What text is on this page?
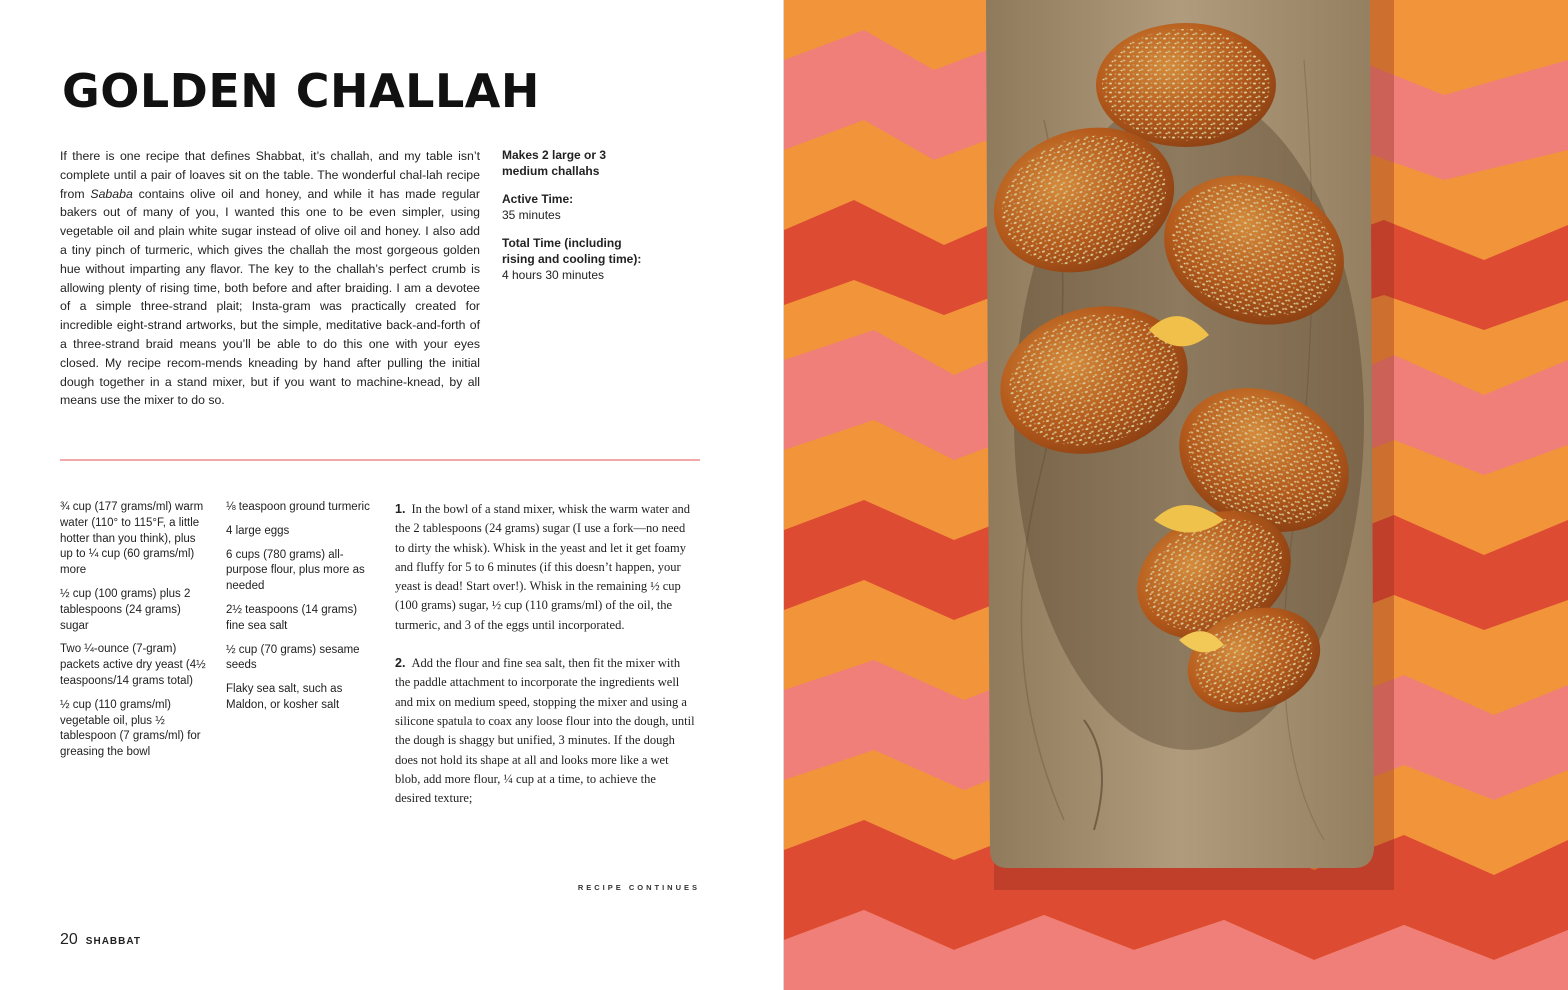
GOLDEN CHALLAH

If there is one recipe that defines Shabbat, it’s challah, and my table isn’t complete until a pair of loaves sit on the table. The wonderful chal-lah recipe from Sababa contains olive oil and honey, and while it has made regular bakers out of many of you, I wanted this one to be even simpler, using vegetable oil and plain white sugar instead of olive oil and honey. I also add a tiny pinch of turmeric, which gives the challah the most gorgeous golden hue without imparting any flavor. The key to the challah’s perfect crumb is allowing plenty of rising time, both before and after braiding. I am a devotee of a simple three-strand plait; Insta-gram was practically created for incredible eight-strand artworks, but the simple, meditative back-and-forth of a three-strand braid means you’ll be able to do this one with your eyes closed. My recipe recom-mends kneading by hand after pulling the initial dough together in a stand mixer, but if you want to machine-knead, by all means use the mixer to do so.

Makes 2 large or 3 medium challahs
Active Time:
35 minutes
Total Time (including rising and cooling time):
4 hours 30 minutes
¾ cup (177 grams/ml) warm water (110° to 115°F, a little hotter than you think), plus up to ¼ cup (60 grams/ml) more
½ cup (100 grams) plus 2 tablespoons (24 grams) sugar
Two ¼-ounce (7-gram) packets active dry yeast (4½ teaspoons/14 grams total)
½ cup (110 grams/ml) vegetable oil, plus ½ tablespoon (7 grams/ml) for greasing the bowl
⅛ teaspoon ground turmeric
4 large eggs
6 cups (780 grams) all-purpose flour, plus more as needed
2½ teaspoons (14 grams) fine sea salt
½ cup (70 grams) sesame seeds
Flaky sea salt, such as Maldon, or kosher salt

1. In the bowl of a stand mixer, whisk the warm water and the 2 tablespoons (24 grams) sugar (I use a fork—no need to dirty the whisk). Whisk in the yeast and let it get foamy and fluffy for 5 to 6 minutes (if this doesn’t happen, your yeast is dead! Start over!). Whisk in the remaining ½ cup (100 grams) sugar, ½ cup (110 grams/ml) of the oil, the turmeric, and 3 of the eggs until incorporated.

2. Add the flour and fine sea salt, then fit the mixer with the paddle attachment to incorporate the ingredients well and mix on medium speed, stopping the mixer and using a silicone spatula to coax any loose flour into the dough, until the dough is shaggy but unified, 3 minutes. If the dough does not hold its shape at all and looks more like a wet blob, add more flour, ¼ cup at a time, to achieve the desired texture;

RECIPE CONTINUES
20 SHABBAT
